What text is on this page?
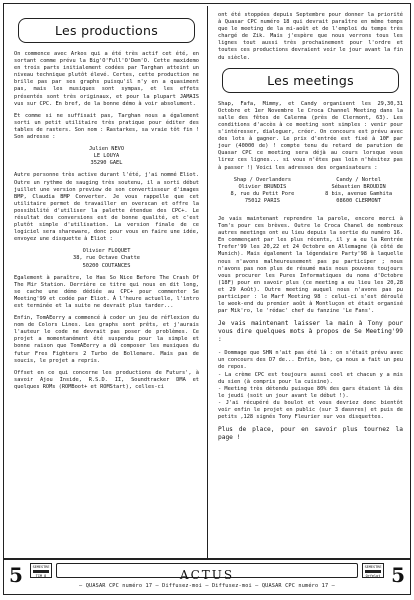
Les productions

On commence avec Arkos qui a été très actif cet été, en sortant comme prévu la Big'O'Full'O'Dem'O. Cette maxidemo en trois parts initialement codées par Targhan atteint un niveau technique plutôt élevé. Certes, cette production ne brille pas par ses graphs puisqu'il n'y en a quasiment pas, mais les musiques sont sympas, et les effets présentés sont très originaux, et pour la plupart JAMAIS vus sur CPC. En bref, de la bonne démo à voir absolument.

Et comme si ne suffisait pas, Targhan nous a également sorti un petit utilitaire très pratique pour éditer des tables de rasters. Son nom : Rastarkes, sa vraie tôt fin ! Son adresse :

Julien NEVO
LE LOUYA
35290 GAEL

Autre personne très active durant l'été, j'ai nommé Eliot. Outre un rythme de sauging très soutenu, il a sorti début juillet une version preview de son convertisseur d'images BMP, Claudia BMP Converter. Je vous rappelle que cet utilitaire permet de travailler en overscan et offre la possibilité d'utiliser la palette étendue des CPC+. Le résultat des conversions est de bonne qualité, et c'est plutôt simple d'utilisation. La version finale de ce logiciel sera shareware, donc pour vous en faire une idée, envoyez une disquette à Eliot :

Olivier FLOQUET
38, rue Octave Chatte
50200 COUTANCES

Egalement à paraître, le Has So Nice Before The Crash Of The Mir Station. Derrière ce titre qui nous en dit long, se cache une démo dédiée au CPC+ pour commenter Se Meeting'99 et codée par Eliot. À l'heure actuelle, l'intro est terminée et la suite ne devrait plus tarder...

Enfin, TomAEerry a commencé à coder un jeu de réflexion du nom de Colors Lines. Les graphs sont prêts, et j'aurais l'auteur le code ne devrait pas poser de problèmes. Ce projet a momentanément été suspendu pour la simple et bonne raison que TomAEerry a dû composer les musiques du futur Fres Fighters 2 Turbo de Bollemare. Mais pas de soucis, le projet a repris.

Offset en ce qui concerne les productions de Futurs', à savoir Ajou Inside, R.S.D. II, Soundtracker DMA et quelques ROMs (ROMBoot+ et ROMStart), celles-ci

ont été stoppées depuis Septembre pour donner la priorité à Quasar CPC numéro 18 qui devrait paraître en même temps que le meeting de la mi-août et de l'emploi du temps très chargé de Zik. Mais j'espère que nous verrons tous les lignes tout aussi très prochainement pour l'ordre et toutes ces productions devraient voir le jour avant la fin du siècle.

Les meetings

Shap, Fafa, Mimmy, et Candy organisent les 29,30,31 Octobre et 1er Novembre le Croca Channel Meeting dans la salle des fêtes de Calerma (près de Clermont, 63). Les conditions d'accès à ce meeting sont simples : venir pour s'intéresser, dialoguer, créer. On concours est prévu avec des lots à gagner. Le prix d'entrée est fixé à 10F par jour (40000 de) ! compte tenu du retard de parution de Quasar CPC ce meeting sera déjà au cours lorsque vous lirez ces lignes... si vous n'êtes pas loin n'hésitez pas à passer !) Voici les adresses des organisateurs :

Shap / Overlanders
Olivier BRUNDIS
8, rue du Petit Pore
75012 PARIS
Candy / Nortel
Sébastien BROUDIN
8 bis, avenue Gamhita
08600 CLERMONT

Je vais maintenant reprendre la parole, encore merci à Tom's pour ces brèves. Outre le Croca Chanel de nombreux autres meetings ont eu lieu depuis la sortie du numéro 16. En commençant par les plus récents, il y a eu la Rentrée Trefer'99 les 20,22 et 24 Octobre en Allemagne (à côté de Munich). Mais également la légendaire Party'98 à laquelle nous n'avons malheureusement pas pu participer ; nous n'avons pas non plus de résumé mais nous pouvons toujours vous procurer les Pures Informatiques du noms d'Octobre (18F) pour en savoir plus (ce meeting a eu lieu les 20,28 et 29 Août). Outre meeting auquel nous n'avons pas pu participer : le Marf Meeting 98 : celui-ci s'est déroulé le week-end du premier août à Montluçon et était organisé par Mik'ro, le 'rédac' chef du fanzine 'Le Fans'.

Je vais maintenant laisser la main à Tony pour vous dire quelques mots à propos de Se Meeting'99 :

- Dommage que SHN n'ait pas été là : on s'était prévu avec un concours des D7 de... Enfin, bon, ça nous a fait un peu de repos.
- La crème CPC est toujours aussi cool et chacun y a mis du sien (à compris pour la cuisine).
- Meeting très détendu puisque 80% des gars étaient là dès le jeudi (soit un jour avant le début !).
- J'ai récupéré du boulot et vous devriez donc bientôt voir enfin le projet en public (sur 3 dasnres) et puis de petits ,128 signés Tony Fleurier sur vos disquettes.

Plus de place, pour en savoir plus tournez la page !

5	SEMESTRE
TIM 8	ACTUS
SEMESTRE
Orfelot 5
— QUASAR CPC numéro 17 — Diffusez-moi — Diffusez-moi — QUASAR CPC numéro 17 —
